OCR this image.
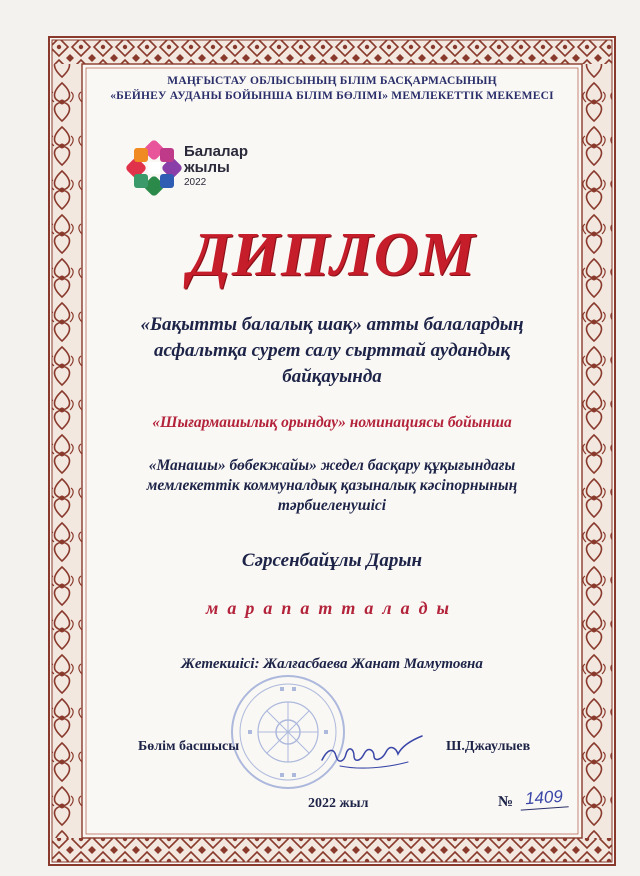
МАҢҒЫСТАУ ОБЛЫСЫНЫҢ БІЛІМ БАСҚАРМАСЫНЫҢ
«БЕЙНЕУ АУДАНЫ БОЙЫНША БІЛІМ БӨЛІМІ» МЕМЛЕКЕТТІК МЕКЕМЕСІ
Балалар
жылы
2022
ДИПЛОМ
«Бақытты балалық шақ» атты балалардың
асфальтқа сурет салу сырттай аудандық
байқауында
«Шығармашылық орындау» номинациясы бойынша
«Манашы» бөбекжайы» жедел басқару құқығындағы
мемлекеттік коммуналдық қазыналық кәсіпорнының
тәрбиеленушісі
Сәрсенбайұлы Дарын
марапатталады
Жетекшісі: Жалғасбаева Жанат Мамутовна
Бөлім басшысы	Ш.Джаулыев
2022 жыл	№ 1409
